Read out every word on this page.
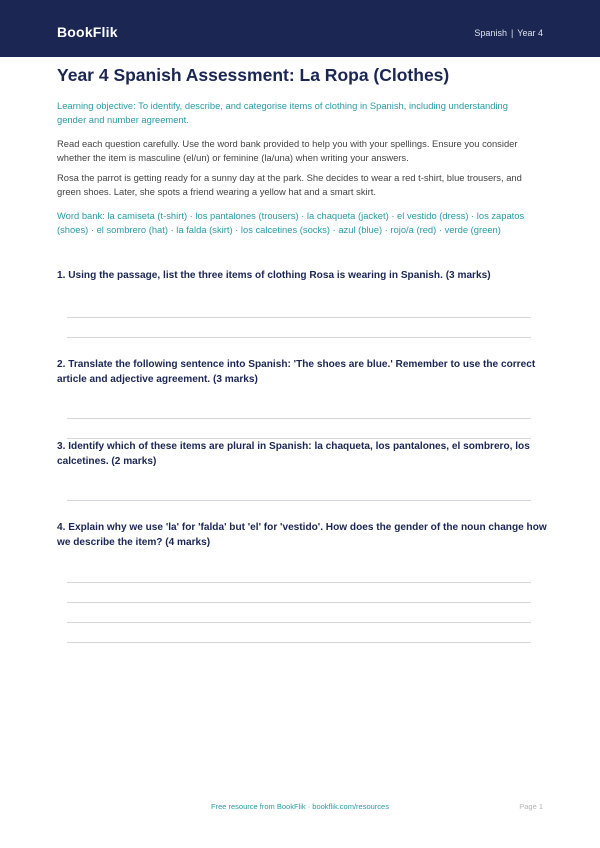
BookFlik	Spanish | Year 4
Year 4 Spanish Assessment: La Ropa (Clothes)

Learning objective: To identify, describe, and categorise items of clothing in Spanish, including understanding gender and number agreement.

Read each question carefully. Use the word bank provided to help you with your spellings. Ensure you consider whether the item is masculine (el/un) or feminine (la/una) when writing your answers.

Rosa the parrot is getting ready for a sunny day at the park. She decides to wear a red t-shirt, blue trousers, and green shoes. Later, she spots a friend wearing a yellow hat and a smart skirt.

Word bank: la camiseta (t-shirt) · los pantalones (trousers) · la chaqueta (jacket) · el vestido (dress) · los zapatos (shoes) · el sombrero (hat) · la falda (skirt) · los calcetines (socks) · azul (blue) · rojo/a (red) · verde (green)

1. Using the passage, list the three items of clothing Rosa is wearing in Spanish. (3 marks)

2. Translate the following sentence into Spanish: 'The shoes are blue.' Remember to use the correct article and adjective agreement. (3 marks)

3. Identify which of these items are plural in Spanish: la chaqueta, los pantalones, el sombrero, los calcetines. (2 marks)

4. Explain why we use 'la' for 'falda' but 'el' for 'vestido'. How does the gender of the noun change how we describe the item? (4 marks)

Free resource from BookFlik · bookflik.com/resources	Page 1
